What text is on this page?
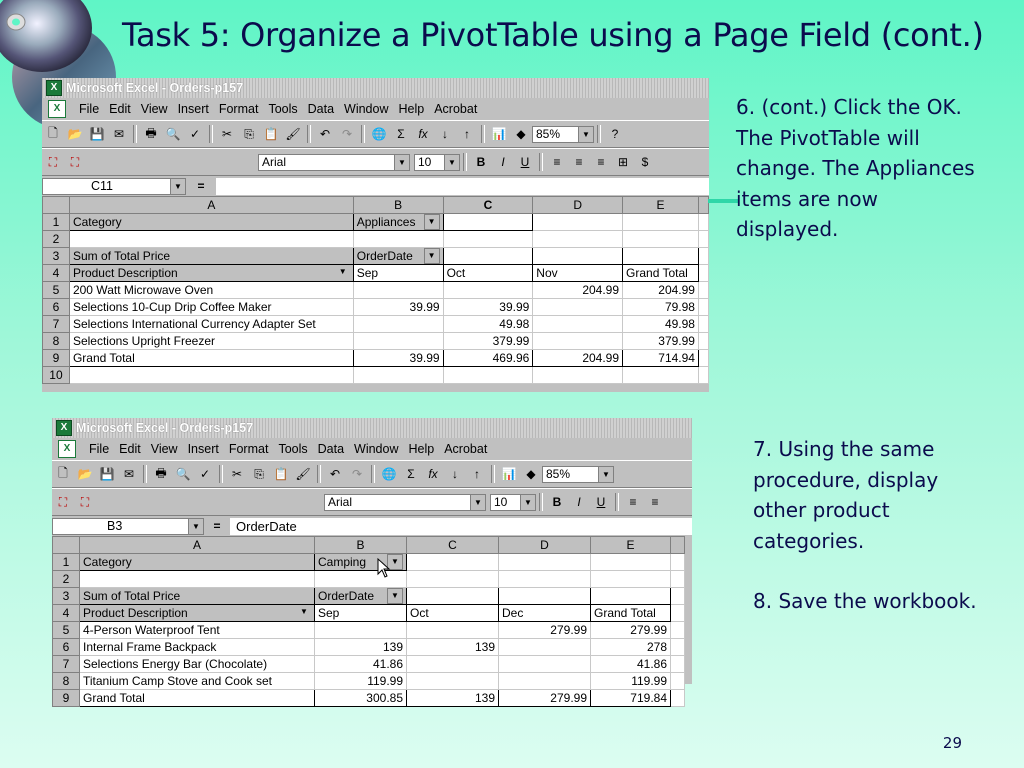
Task 5: Organize a PivotTable using a Page Field (cont.)
X Microsoft Excel - Orders-p157
X	File Edit View Insert Format Tools Data Window Help Acrobat
🗋 📂 💾 ✉	🖶 🔍 ✓	✂	⎘ 📋 🖌	↶ ↷	🌐 Σ	fx	↓	↑	📊 ◆ 85%	▼	?
⛶	⛶	Arial	▼ 10	▼ B I U	≡	≡	≡	⊞	$
C11	▼	=
	A	B	C	D	E	
1	Category	Appliances ▼				

2						
3	Sum of Total Price	OrderDate ▼				

4	Product Description ▼	Sep	Oct	Nov	Grand Total	
5	200 Watt Microwave Oven			204.99	204.99	
6	Selections 10-Cup Drip Coffee Maker	39.99	39.99		79.98	
7	Selections International Currency Adapter Set		49.98		49.98	
8	Selections Upright Freezer		379.99		379.99	
9	Grand Total	39.99	469.96	204.99	714.94	
10						

6. (cont.) Click the OK. The PivotTable will change. The Appliances items are now displayed.

X Microsoft Excel - Orders-p157
X	File Edit View Insert Format Tools Data Window Help Acrobat
🗋 📂 💾 ✉	🖶 🔍 ✓	✂	⎘ 📋 🖌	↶ ↷	🌐 Σ	fx	↓	↑	📊 ◆ 85%	▼
⛶	⛶	Arial	▼ 10	▼ B I U	≡	≡
B3	▼	=	OrderDate
	A	B	C	D	E	
1	Category	Camping ▼				

2						
3	Sum of Total Price	OrderDate ▼				

4	Product Description ▼	Sep	Oct	Dec	Grand Total	
5	4-Person Waterproof Tent			279.99	279.99	
6	Internal Frame Backpack	139	139		278	
7	Selections Energy Bar (Chocolate)	41.86			41.86	
8	Titanium Camp Stove and Cook set	119.99			119.99	
9	Grand Total	300.85	139	279.99	719.84	

7. Using the same procedure, display other product categories.

8. Save the workbook.

29
